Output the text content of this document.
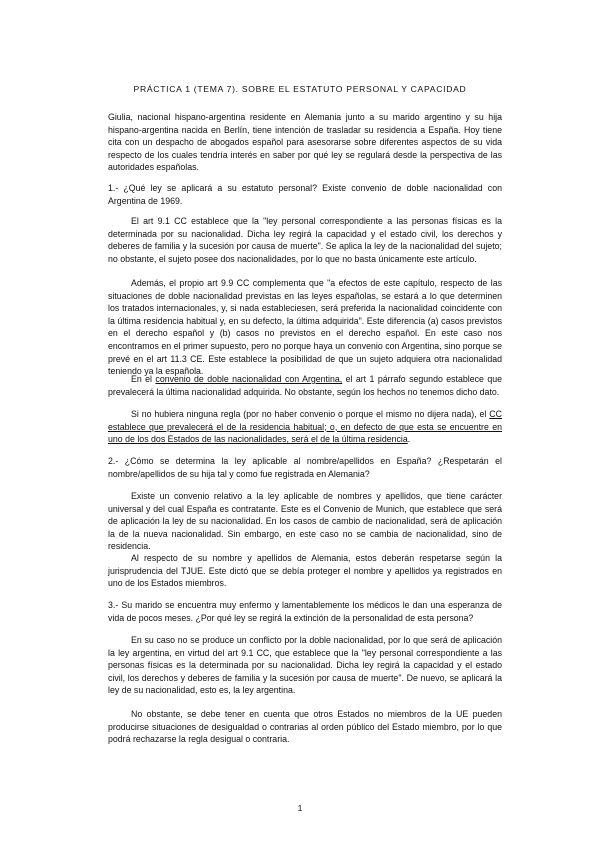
PRÁCTICA 1 (TEMA 7). SOBRE EL ESTATUTO PERSONAL Y CAPACIDAD

Giulia, nacional hispano-argentina residente en Alemania junto a su marido argentino y su hija hispano-argentina nacida en Berlín, tiene intención de trasladar su residencia a España. Hoy tiene cita con un despacho de abogados español para asesorarse sobre diferentes aspectos de su vida respecto de los cuales tendría interés en saber por qué ley se regulará desde la perspectiva de las autoridades españolas.

1.- ¿Qué ley se aplicará a su estatuto personal? Existe convenio de doble nacionalidad con Argentina de 1969.

El art 9.1 CC establece que la "ley personal correspondiente a las personas físicas es la determinada por su nacionalidad. Dicha ley regirá la capacidad y el estado civil, los derechos y deberes de familia y la sucesión por causa de muerte". Se aplica la ley de la nacionalidad del sujeto; no obstante, el sujeto posee dos nacionalidades, por lo que no basta únicamente este artículo.

Además, el propio art 9.9 CC complementa que "a efectos de este capítulo, respecto de las situaciones de doble nacionalidad previstas en las leyes españolas, se estará a lo que determinen los tratados internacionales, y, si nada estableciesen, será preferida la nacionalidad coincidente con la última residencia habitual y, en su defecto, la última adquirida". Este diferencia (a) casos previstos en el derecho español y (b) casos no previstos en el derecho español. En este caso nos encontramos en el primer supuesto, pero no porque haya un convenio con Argentina, sino porque se prevé en el art 11.3 CE. Este establece la posibilidad de que un sujeto adquiera otra nacionalidad teniendo ya la española.

En el convenio de doble nacionalidad con Argentina, el art 1 párrafo segundo establece que prevalecerá la última nacionalidad adquirida. No obstante, según los hechos no tenemos dicho dato.

Si no hubiera ninguna regla (por no haber convenio o porque el mismo no dijera nada), el CC establece que prevalecerá el de la residencia habitual; o, en defecto de que esta se encuentre en uno de los dos Estados de las nacionalidades, será el de la última residencia.

2.- ¿Cómo se determina la ley aplicable al nombre/apellidos en España? ¿Respetarán el nombre/apellidos de su hija tal y como fue registrada en Alemania?

Existe un convenio relativo a la ley aplicable de nombres y apellidos, que tiene carácter universal y del cual España es contratante. Este es el Convenio de Munich, que establece que será de aplicación la ley de su nacionalidad. En los casos de cambio de nacionalidad, será de aplicación la de la nueva nacionalidad. Sin embargo, en este caso no se cambia de nacionalidad, sino de residencia.

Al respecto de su nombre y apellidos de Alemania, estos deberán respetarse según la jurisprudencia del TJUE. Este dictó que se debía proteger el nombre y apellidos ya registrados en uno de los Estados miembros.

3.- Su marido se encuentra muy enfermo y lamentablemente los médicos le dan una esperanza de vida de pocos meses. ¿Por qué ley se regirá la extinción de la personalidad de esta persona?

En su caso no se produce un conflicto por la doble nacionalidad, por lo que será de aplicación la ley argentina, en virtud del art 9.1 CC, que establece que la "ley personal correspondiente a las personas físicas es la determinada por su nacionalidad. Dicha ley regirá la capacidad y el estado civil, los derechos y deberes de familia y la sucesión por causa de muerte". De nuevo, se aplicará la ley de su nacionalidad, esto es, la ley argentina.

No obstante, se debe tener en cuenta que otros Estados no miembros de la UE pueden producirse situaciones de desigualdad o contrarias al orden público del Estado miembro, por lo que podrá rechazarse la regla desigual o contraria.

1
